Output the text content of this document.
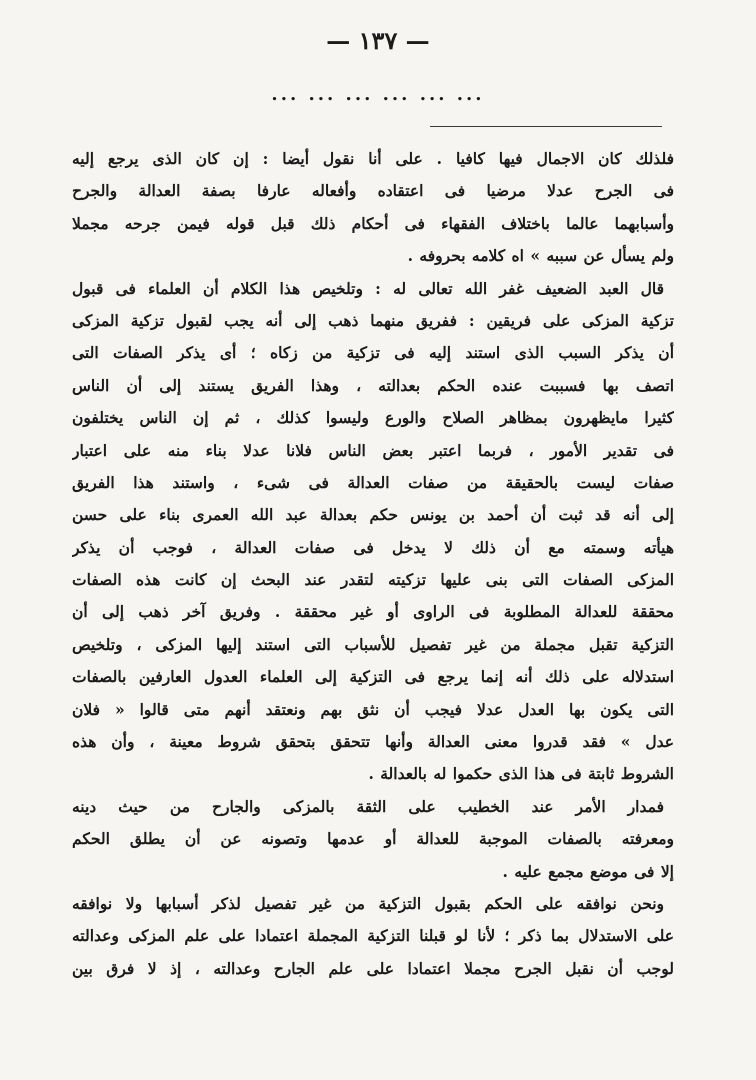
— ١٣٧ —
... ... ... ... ... ...
فلذلك كان الاجمال فيها كافيا . على أنا نقول أيضا : إن كان الذى يرجع إليه
فى الجرح عدلا مرضيا فى اعتقاده وأفعاله عارفا بصفة العدالة والجرح
وأسبابهما عالما باختلاف الفقهاء فى أحكام ذلك قبل قوله فيمن جرحه مجملا
ولم يسأل عن سببه » اه كلامه بحروفه .
قال العبد الضعيف غفر الله تعالى له : وتلخيص هذا الكلام أن العلماء فى قبول
تزكية المزكى على فريقين : ففريق منهما ذهب إلى أنه يجب لقبول تزكية المزكى
أن يذكر السبب الذى استند إليه فى تزكية من زكاه ؛ أى يذكر الصفات التى
اتصف بها فسببت عنده الحكم بعدالته ، وهذا الفريق يستند إلى أن الناس
كثيرا مايظهرون بمظاهر الصلاح والورع وليسوا كذلك ، ثم إن الناس يختلفون
فى تقدير الأمور ، فربما اعتبر بعض الناس فلانا عدلا بناء منه على اعتبار
صفات ليست بالحقيقة من صفات العدالة فى شىء ، واستند هذا الفريق
إلى أنه قد ثبت أن أحمد بن يونس حكم بعدالة عبد الله العمرى بناء على حسن
هيأته وسمته مع أن ذلك لا يدخل فى صفات العدالة ، فوجب أن يذكر
المزكى الصفات التى بنى عليها تزكيته لتقدر عند البحث إن كانت هذه الصفات
محققة للعدالة المطلوبة فى الراوى أو غير محققة . وفريق آخر ذهب إلى أن
التزكية تقبل مجملة من غير تفصيل للأسباب التى استند إليها المزكى ، وتلخيص
استدلاله على ذلك أنه إنما يرجع فى التزكية إلى العلماء العدول العارفين بالصفات
التى يكون بها العدل عدلا فيجب أن نثق بهم ونعتقد أنهم متى قالوا « فلان
عدل » فقد قدروا معنى العدالة وأنها تتحقق بتحقق شروط معينة ، وأن هذه
الشروط ثابتة فى هذا الذى حكموا له بالعدالة .
فمدار الأمر عند الخطيب على الثقة بالمزكى والجارح من حيث دينه
ومعرفته بالصفات الموجبة للعدالة أو عدمها وتصونه عن أن يطلق الحكم
إلا فى موضع مجمع عليه .
ونحن نوافقه على الحكم بقبول التزكية من غير تفصيل لذكر أسبابها ولا نوافقه
على الاستدلال بما ذكر ؛ لأنا لو قبلنا التزكية المجملة اعتمادا على علم المزكى وعدالته
لوجب أن نقبل الجرح مجملا اعتمادا على علم الجارح وعدالته ، إذ لا فرق بين
